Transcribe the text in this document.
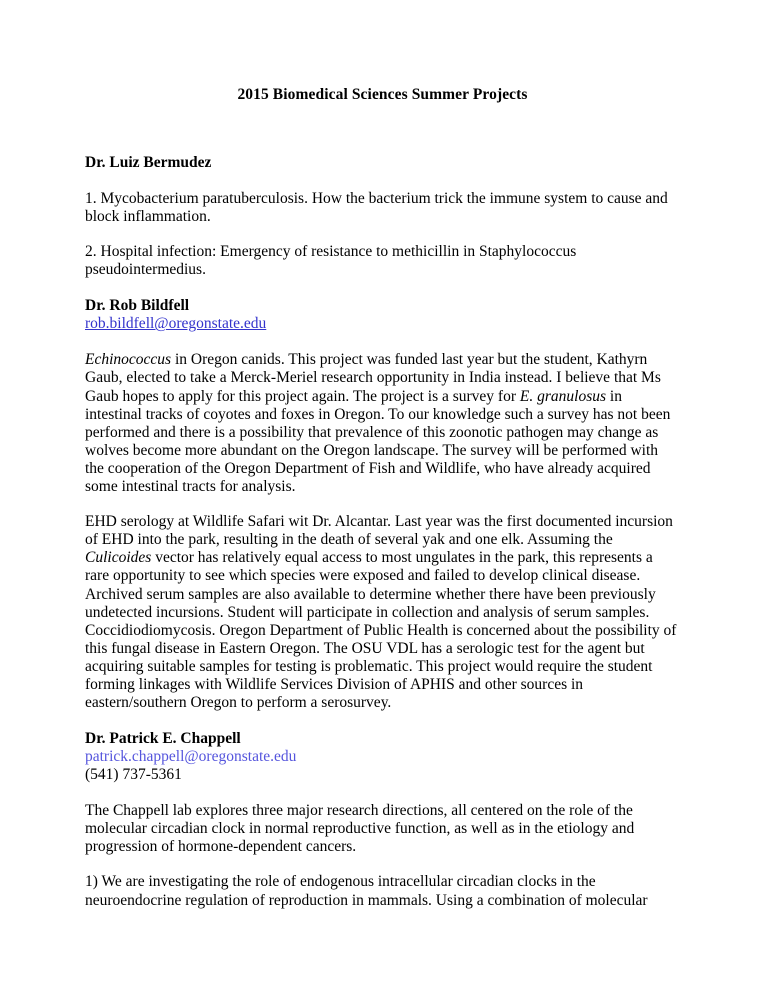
2015 Biomedical Sciences Summer Projects
Dr. Luiz Bermudez

1. Mycobacterium paratuberculosis. How the bacterium trick the immune system to cause and block inflammation.

2. Hospital infection: Emergency of resistance to methicillin in Staphylococcus pseudointermedius.

Dr. Rob Bildfell
rob.bildfell@oregonstate.edu

Echinococcus in Oregon canids. This project was funded last year but the student, Kathyrn Gaub, elected to take a Merck-Meriel research opportunity in India instead. I believe that Ms Gaub hopes to apply for this project again. The project is a survey for E. granulosus in intestinal tracks of coyotes and foxes in Oregon. To our knowledge such a survey has not been performed and there is a possibility that prevalence of this zoonotic pathogen may change as wolves become more abundant on the Oregon landscape. The survey will be performed with the cooperation of the Oregon Department of Fish and Wildlife, who have already acquired some intestinal tracts for analysis.

EHD serology at Wildlife Safari wit Dr. Alcantar. Last year was the first documented incursion of EHD into the park, resulting in the death of several yak and one elk. Assuming the Culicoides vector has relatively equal access to most ungulates in the park, this represents a rare opportunity to see which species were exposed and failed to develop clinical disease. Archived serum samples are also available to determine whether there have been previously undetected incursions. Student will participate in collection and analysis of serum samples. Coccidiodiomycosis. Oregon Department of Public Health is concerned about the possibility of this fungal disease in Eastern Oregon. The OSU VDL has a serologic test for the agent but acquiring suitable samples for testing is problematic. This project would require the student forming linkages with Wildlife Services Division of APHIS and other sources in eastern/southern Oregon to perform a serosurvey.

Dr. Patrick E. Chappell
patrick.chappell@oregonstate.edu
(541) 737-5361

The Chappell lab explores three major research directions, all centered on the role of the molecular circadian clock in normal reproductive function, as well as in the etiology and progression of hormone-dependent cancers.

1) We are investigating the role of endogenous intracellular circadian clocks in the neuroendocrine regulation of reproduction in mammals. Using a combination of molecular
